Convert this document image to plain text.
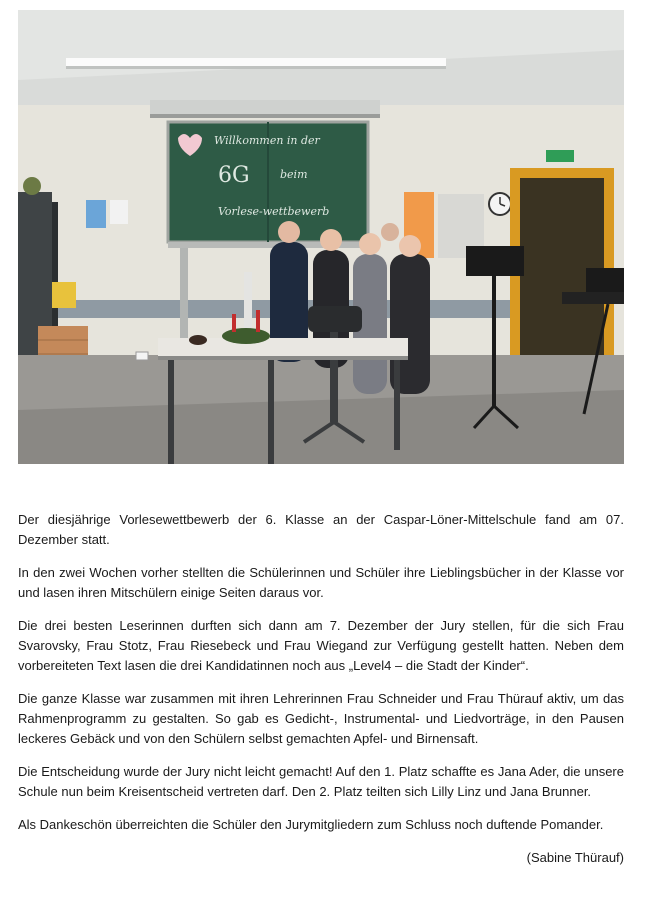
Willkommen in der
6G	beim
Vorlese-wettbewerb

Der diesjährige Vorlesewettbewerb der 6. Klasse an der Caspar-Löner-Mittelschule fand am 07. Dezember statt.

In den zwei Wochen vorher stellten die Schülerinnen und Schüler ihre Lieblingsbücher in der Klasse vor und lasen ihren Mitschülern einige Seiten daraus vor.

Die drei besten Leserinnen durften sich dann am 7. Dezember der Jury stellen, für die sich Frau Svarovsky, Frau Stotz, Frau Riesebeck und Frau Wiegand zur Verfügung gestellt hatten. Neben dem vorbereiteten Text lasen die drei Kandidatinnen noch aus „Level4 – die Stadt der Kinder“.

Die ganze Klasse war zusammen mit ihren Lehrerinnen Frau Schneider und Frau Thürauf aktiv, um das Rahmenprogramm zu gestalten. So gab es Gedicht-, Instrumental- und Liedvorträge, in den Pausen leckeres Gebäck und von den Schülern selbst gemachten Apfel- und Birnensaft.

Die Entscheidung wurde der Jury nicht leicht gemacht! Auf den 1. Platz schaffte es Jana Ader, die unsere Schule nun beim Kreisentscheid vertreten darf. Den 2. Platz teilten sich Lilly Linz und Jana Brunner.

Als Dankeschön überreichten die Schüler den Jurymitgliedern zum Schluss noch duftende Pomander.

(Sabine Thürauf)
